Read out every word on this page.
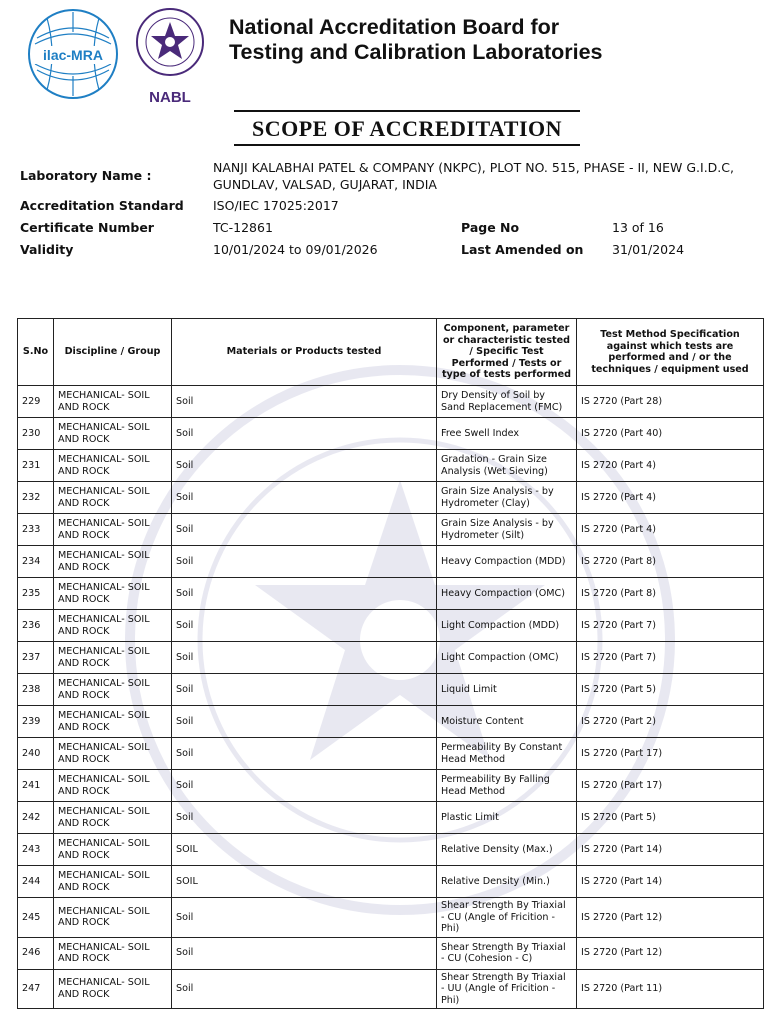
ilac-MRA
NABL
National Accreditation Board for
Testing and Calibration Laboratories
SCOPE OF ACCREDITATION
Laboratory Name :
NANJI KALABHAI PATEL & COMPANY (NKPC), PLOT NO. 515, PHASE - II, NEW G.I.D.C,
GUNDLAV, VALSAD, GUJARAT, INDIA
Accreditation Standard ISO/IEC 17025:2017
Certificate Number	TC-12861	Page No	13 of 16
Validity	10/01/2024 to 09/01/2026	Last Amended on 31/01/2024
S.No	Discipline / Group	Materials or Products tested	Component, parameter or characteristic tested / Specific Test Performed / Tests or type of tests performed	Test Method Specification against which tests are performed and / or the techniques / equipment used
229	MECHANICAL- SOIL AND ROCK	Soil	Dry Density of Soil by Sand Replacement (FMC)	IS 2720 (Part 28)
230	MECHANICAL- SOIL AND ROCK	Soil	Free Swell Index	IS 2720 (Part 40)
231	MECHANICAL- SOIL AND ROCK	Soil	Gradation - Grain Size Analysis (Wet Sieving)	IS 2720 (Part 4)
232	MECHANICAL- SOIL AND ROCK	Soil	Grain Size Analysis - by Hydrometer (Clay)	IS 2720 (Part 4)
233	MECHANICAL- SOIL AND ROCK	Soil	Grain Size Analysis - by Hydrometer (Silt)	IS 2720 (Part 4)
234	MECHANICAL- SOIL AND ROCK	Soil	Heavy Compaction (MDD)	IS 2720 (Part 8)
235	MECHANICAL- SOIL AND ROCK	Soil	Heavy Compaction (OMC)	IS 2720 (Part 8)
236	MECHANICAL- SOIL AND ROCK	Soil	Light Compaction (MDD)	IS 2720 (Part 7)
237	MECHANICAL- SOIL AND ROCK	Soil	Light Compaction (OMC)	IS 2720 (Part 7)
238	MECHANICAL- SOIL AND ROCK	Soil	Liquid Limit	IS 2720 (Part 5)
239	MECHANICAL- SOIL AND ROCK	Soil	Moisture Content	IS 2720 (Part 2)
240	MECHANICAL- SOIL AND ROCK	Soil	Permeability By Constant Head Method	IS 2720 (Part 17)
241	MECHANICAL- SOIL AND ROCK	Soil	Permeability By Falling Head Method	IS 2720 (Part 17)
242	MECHANICAL- SOIL AND ROCK	Soil	Plastic Limit	IS 2720 (Part 5)
243	MECHANICAL- SOIL AND ROCK	SOIL	Relative Density (Max.)	IS 2720 (Part 14)
244	MECHANICAL- SOIL AND ROCK	SOIL	Relative Density (Min.)	IS 2720 (Part 14)
245	MECHANICAL- SOIL AND ROCK	Soil	Shear Strength By Triaxial - CU (Angle of Fricition - Phi)	IS 2720 (Part 12)
246	MECHANICAL- SOIL AND ROCK	Soil	Shear Strength By Triaxial - CU (Cohesion - C)	IS 2720 (Part 12)
247	MECHANICAL- SOIL AND ROCK	Soil	Shear Strength By Triaxial - UU (Angle of Fricition - Phi)	IS 2720 (Part 11)
